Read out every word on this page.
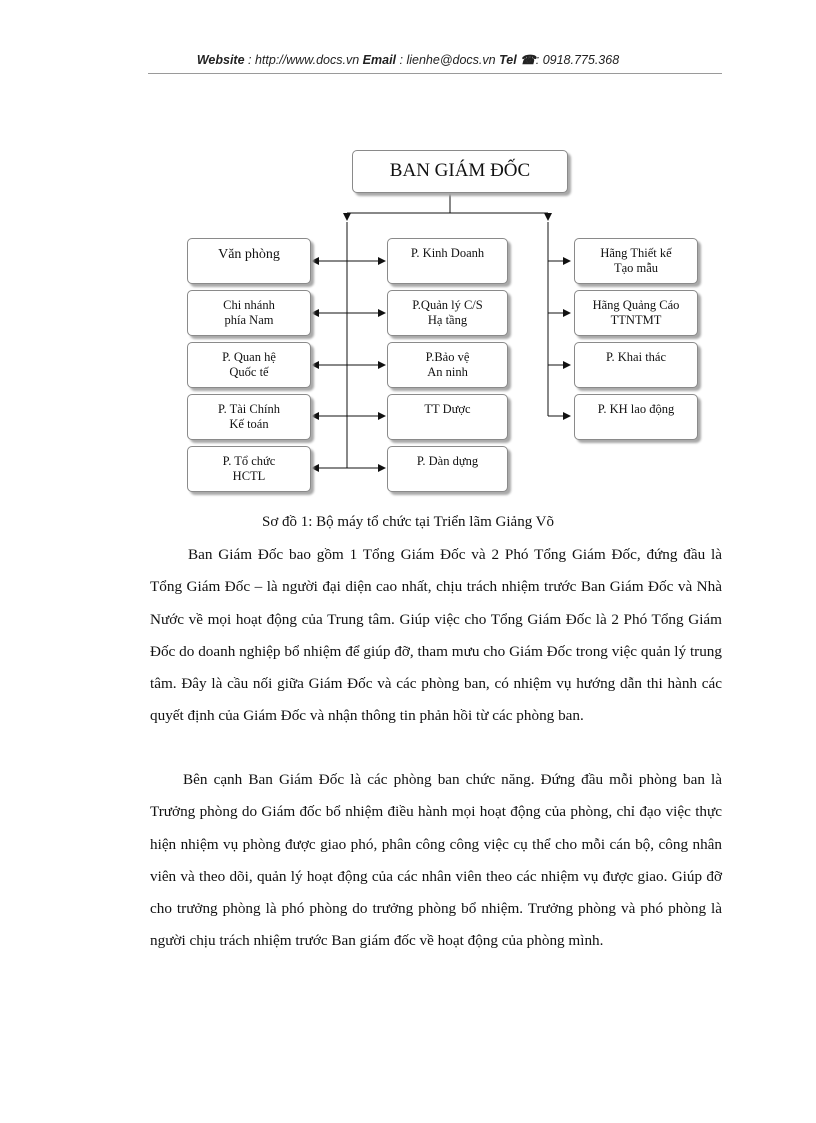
Website : http://www.docs.vn Email : lienhe@docs.vn Tel ☎: 0918.775.368
BAN GIÁM ĐỐC
Văn phòng
Chi nhánh
phía Nam
P. Quan hệ
Quốc tế
P. Tài Chính
Kế toán
P. Tổ chức
HCTL
P. Kinh Doanh
P.Quản lý C/S
Hạ tầng
P.Bảo vệ
An ninh
TT Dược
P. Dàn dựng
Hãng Thiết kế
Tạo mẫu
Hãng Quảng Cáo
TTNTMT
P. Khai thác
P. KH lao động
Sơ đồ 1: Bộ máy tổ chức tại Triển lãm Giảng Võ

Ban Giám Đốc bao gồm 1 Tổng Giám Đốc và 2 Phó Tổng Giám Đốc, đứng đầu là Tổng Giám Đốc – là người đại diện cao nhất, chịu trách nhiệm trước Ban Giám Đốc và Nhà Nước về mọi hoạt động của Trung tâm. Giúp việc cho Tổng Giám Đốc là 2 Phó Tổng Giám Đốc do doanh nghiệp bổ nhiệm để giúp đỡ, tham mưu cho Giám Đốc trong việc quản lý trung tâm. Đây là cầu nối giữa Giám Đốc và các phòng ban, có nhiệm vụ hướng dẫn thi hành các quyết định của Giám Đốc và nhận thông tin phản hồi từ các phòng ban.

Bên cạnh Ban Giám Đốc là các phòng ban chức năng. Đứng đầu mỗi phòng ban là Trưởng phòng do Giám đốc bổ nhiệm điều hành mọi hoạt động của phòng, chỉ đạo việc thực hiện nhiệm vụ phòng được giao phó, phân công công việc cụ thể cho mỗi cán bộ, công nhân viên và theo dõi, quản lý hoạt động của các nhân viên theo các nhiệm vụ được giao. Giúp đỡ cho trưởng phòng là phó phòng do trưởng phòng bổ nhiệm. Trưởng phòng và phó phòng là người chịu trách nhiệm trước Ban giám đốc về hoạt động của phòng mình.
